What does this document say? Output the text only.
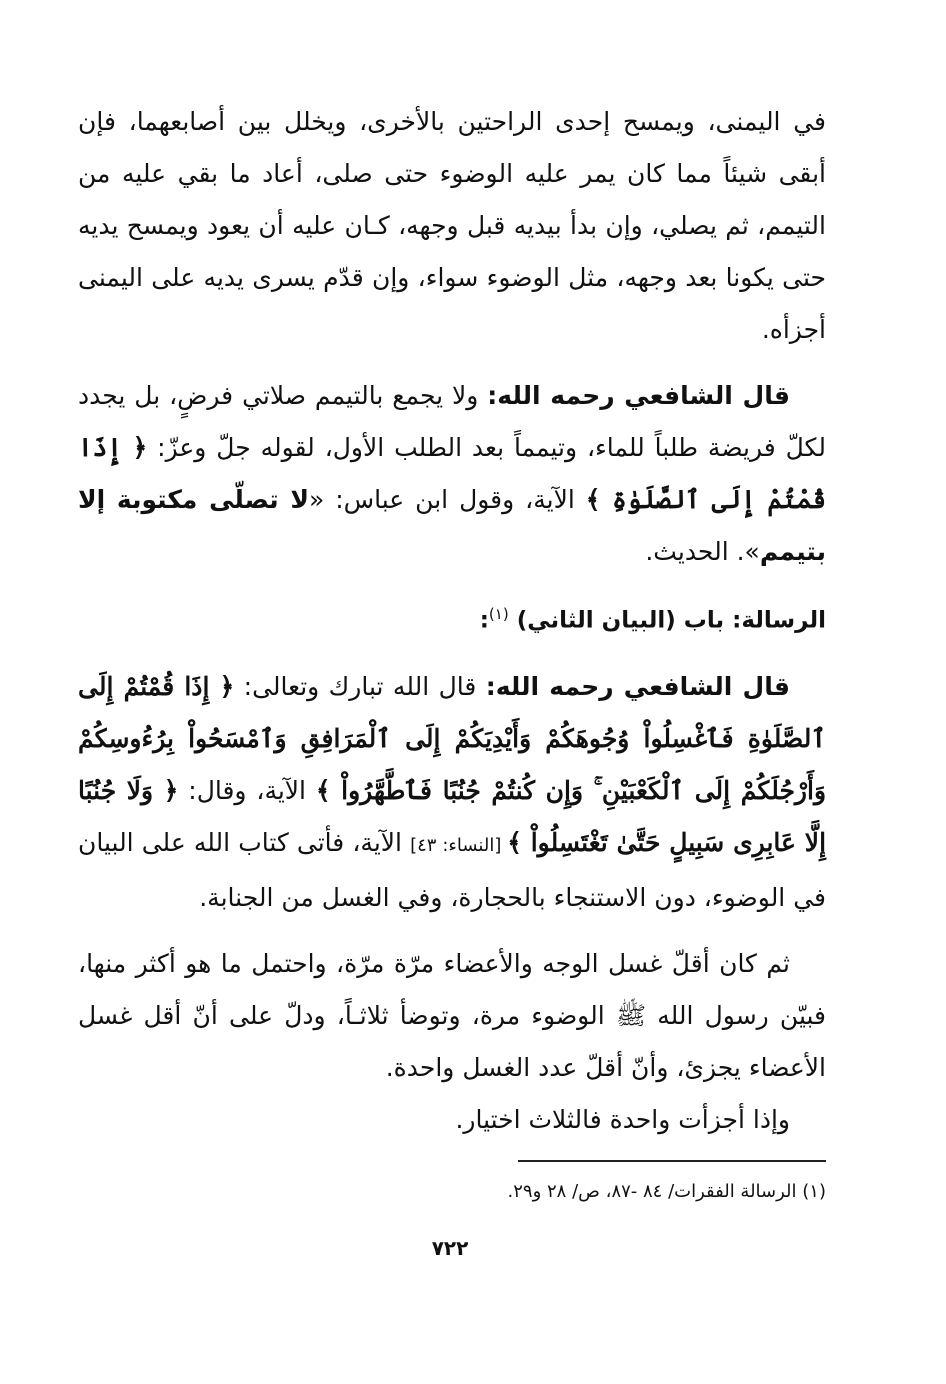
في اليمنى، ويمسح إحدى الراحتين بالأخرى، ويخلل بين أصابعهما، فإن أبقى شيئاً مما كان يمر عليه الوضوء حتى صلى، أعاد ما بقي عليه من التيمم، ثم يصلي، وإن بدأ بيديه قبل وجهه، كـان عليه أن يعود ويمسح يديه حتى يكونا بعد وجهه، مثل الوضوء سواء، وإن قدّم يسرى يديه على اليمنى أجزأه.

قال الشافعي رحمه الله: ولا يجمع بالتيمم صلاتي فرضٍ، بل يجدد لكلّ فريضة طلباً للماء، وتيمماً بعد الطلب الأول، لقوله جلّ وعزّ: ﴿ إِذَا قُمْتُمْ إِلَى ٱلصَّلَوٰةِ ﴾ الآية، وقول ابن عباس: «لا تصلّى مكتوبة إلا بتيمم». الحديث.

الرسالة: باب (البيان الثاني) $^{(١)}$:

قال الشافعي رحمه الله: قال الله تبارك وتعالى: ﴿ إِذَا قُمْتُمْ إِلَى ٱلصَّلَوٰةِ فَٱغْسِلُواْ وُجُوهَكُمْ وَأَيْدِيَكُمْ إِلَى ٱلْمَرَافِقِ وَٱمْسَحُواْ بِرُءُوسِكُمْ وَأَرْجُلَكُمْ إِلَى ٱلْكَعْبَيْنِ ۚ وَإِن كُنتُمْ جُنُبًا فَٱطَّهَّرُواْ ﴾ الآية، وقال: ﴿ وَلَا جُنُبًا إِلَّا عَابِرِى سَبِيلٍ حَتَّىٰ تَغْتَسِلُواْ ﴾ [النساء: ٤٣] الآية، فأتى كتاب الله على البيان في الوضوء، دون الاستنجاء بالحجارة، وفي الغسل من الجنابة.

ثم كان أقلّ غسل الوجه والأعضاء مرّة مرّة، واحتمل ما هو أكثر منها، فبيّن رسول الله ﷺ الوضوء مرة، وتوضأ ثلاثـاً، ودلّ على أنّ أقل غسل الأعضاء يجزئ، وأنّ أقلّ عدد الغسل واحدة.

وإذا أجزأت واحدة فالثلاث اختيار.

(١) الرسالة الفقرات/ ٨٤ -٨٧، ص/ ٢٨ و٢٩.
٧٢٢
